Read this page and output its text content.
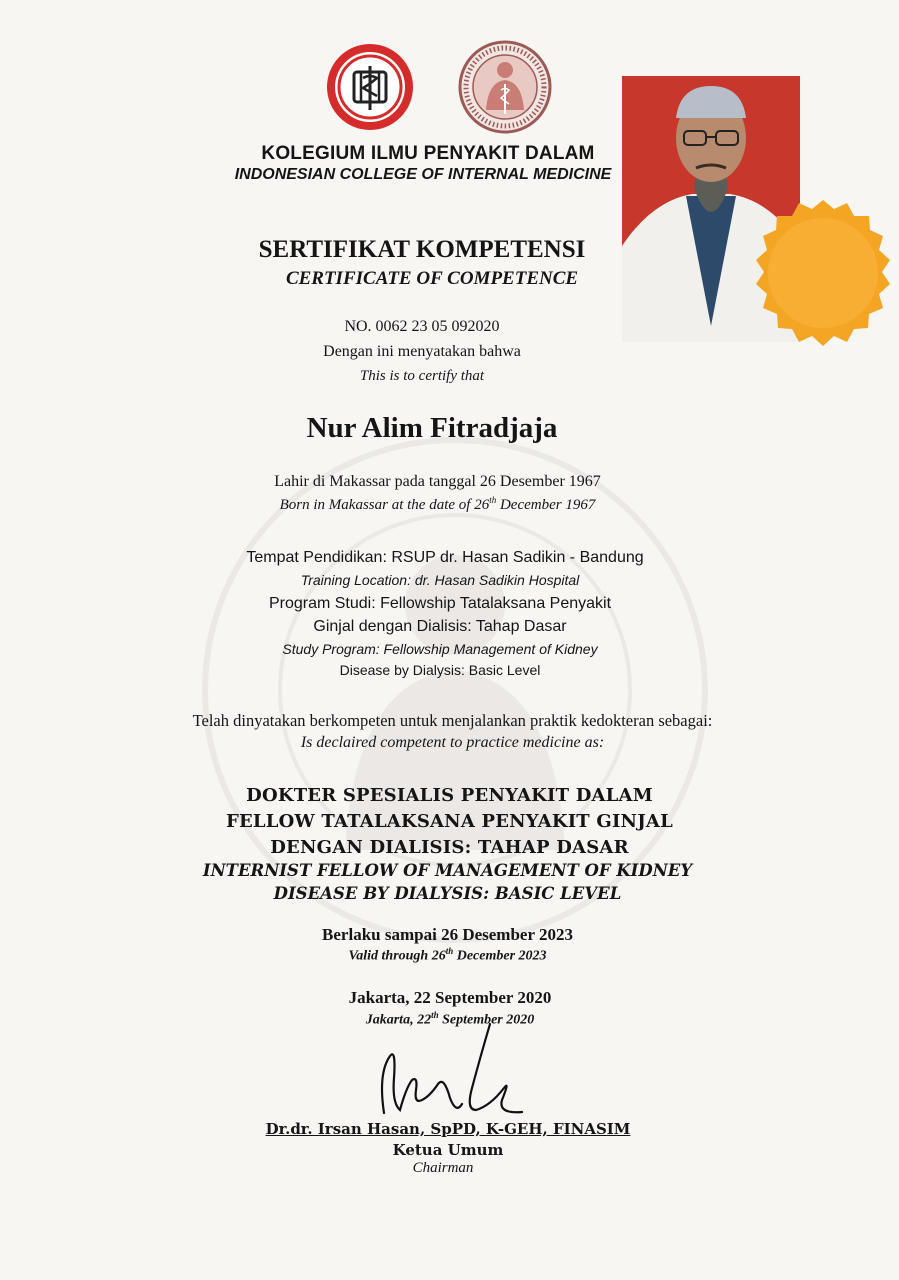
KOLEGIUM ILMU PENYAKIT DALAM
INDONESIAN COLLEGE OF INTERNAL MEDICINE
SERTIFIKAT KOMPETENSI
CERTIFICATE OF COMPETENCE
NO. 0062 23 05 092020
Dengan ini menyatakan bahwa
This is to certify that
Nur Alim Fitradjaja
Lahir di Makassar pada tanggal 26 Desember 1967
Born in Makassar at the date of 26th December 1967
Tempat Pendidikan: RSUP dr. Hasan Sadikin - Bandung
Training Location: dr. Hasan Sadikin Hospital
Program Studi: Fellowship Tatalaksana Penyakit
Ginjal dengan Dialisis: Tahap Dasar
Study Program: Fellowship Management of Kidney
Disease by Dialysis: Basic Level
Telah dinyatakan berkompeten untuk menjalankan praktik kedokteran sebagai:
Is declaired competent to practice medicine as:
DOKTER SPESIALIS PENYAKIT DALAM
FELLOW TATALAKSANA PENYAKIT GINJAL
DENGAN DIALISIS: TAHAP DASAR
INTERNIST FELLOW OF MANAGEMENT OF KIDNEY
DISEASE BY DIALYSIS: BASIC LEVEL
Berlaku sampai 26 Desember 2023
Valid through 26th December 2023
Jakarta, 22 September 2020
Jakarta, 22th September 2020
Dr.dr. Irsan Hasan, SpPD, K-GEH, FINASIM
Ketua Umum
Chairman
